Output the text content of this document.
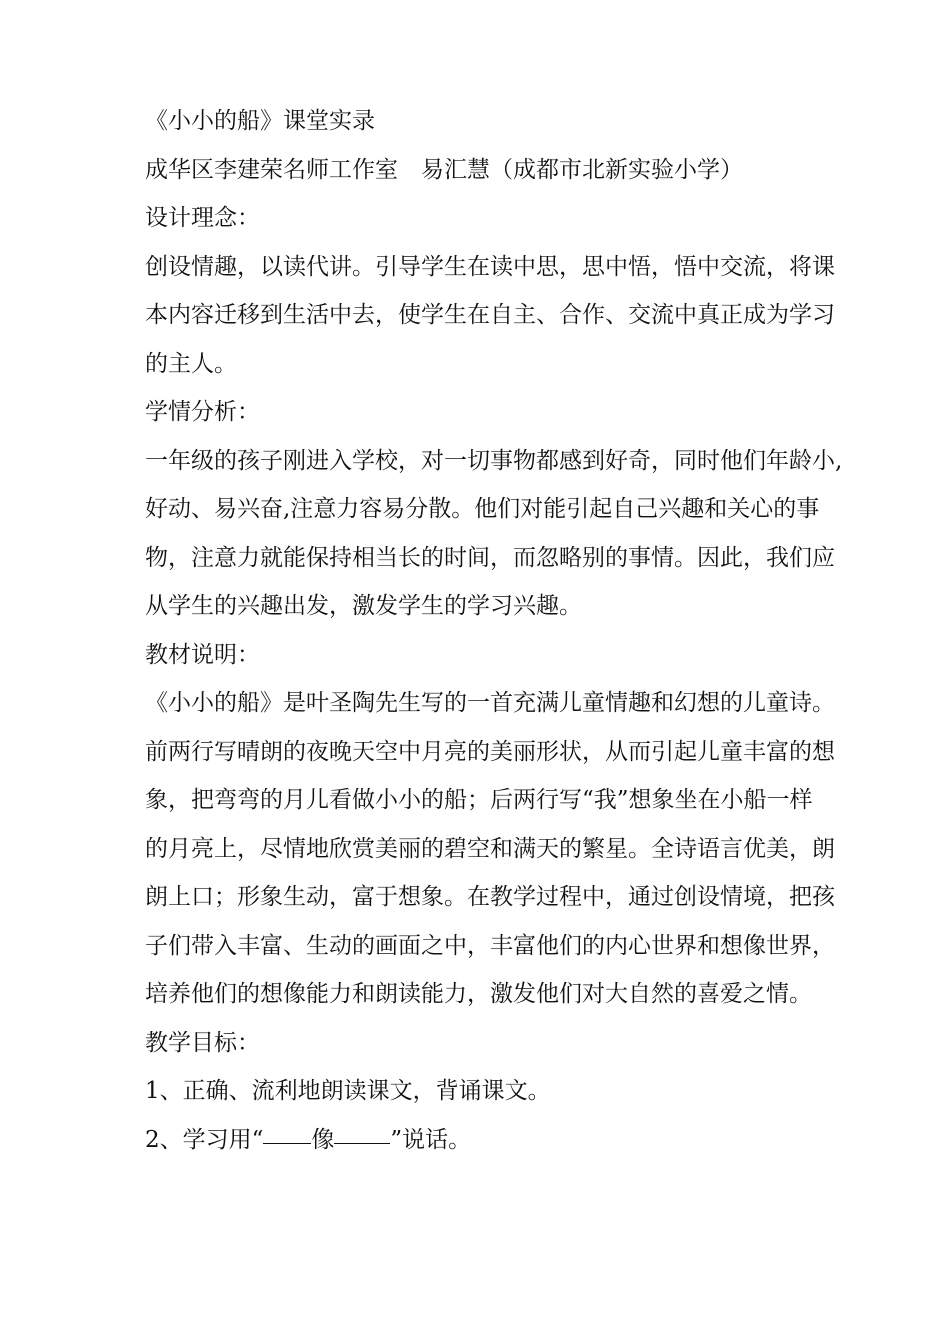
《小小的船》课堂实录
成华区李建荣名师工作室　易汇慧（成都市北新实验小学）
设计理念：
创设情趣，以读代讲。引导学生在读中思，思中悟，悟中交流，将课
本内容迁移到生活中去，使学生在自主、合作、交流中真正成为学习
的主人。
学情分析：
一年级的孩子刚进入学校，对一切事物都感到好奇，同时他们年龄小,
好动、易兴奋,注意力容易分散。他们对能引起自己兴趣和关心的事
物，注意力就能保持相当长的时间，而忽略别的事情。因此，我们应
从学生的兴趣出发，激发学生的学习兴趣。
教材说明：
《小小的船》是叶圣陶先生写的一首充满儿童情趣和幻想的儿童诗。
前两行写晴朗的夜晚天空中月亮的美丽形状，从而引起儿童丰富的想
象，把弯弯的月儿看做小小的船；后两行写“我”想象坐在小船一样
的月亮上，尽情地欣赏美丽的碧空和满天的繁星。全诗语言优美，朗
朗上口；形象生动，富于想象。在教学过程中，通过创设情境，把孩
子们带入丰富、生动的画面之中，丰富他们的内心世界和想像世界，
培养他们的想像能力和朗读能力，激发他们对大自然的喜爱之情。
教学目标：
1、正确、流利地朗读课文，背诵课文。
2、学习用“ 像 ”说话。
